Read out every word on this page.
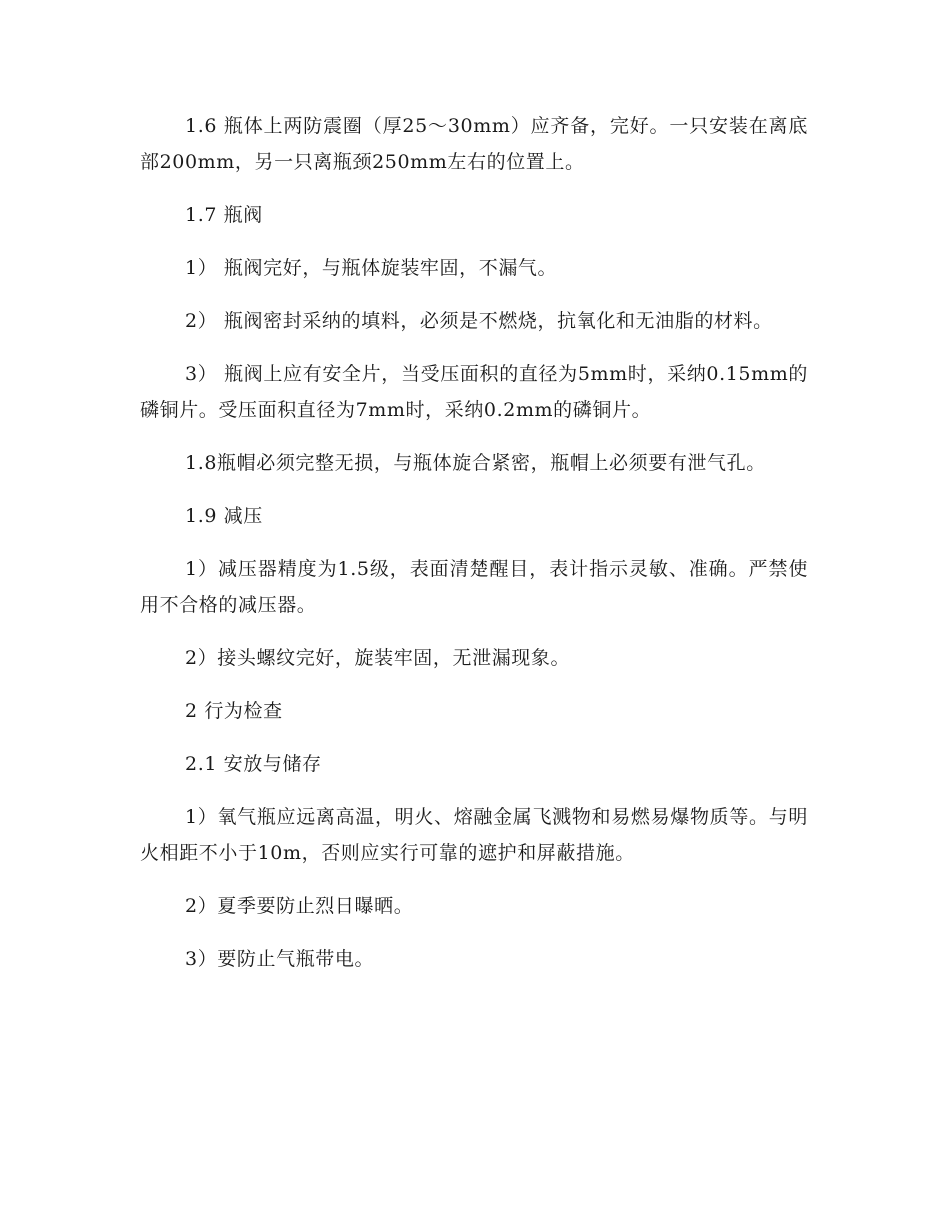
1.6 瓶体上两防震圈（厚25～30mm）应齐备，完好。一只安装在离底部200mm，另一只离瓶颈250mm左右的位置上。

1.7 瓶阀

1） 瓶阀完好，与瓶体旋装牢固，不漏气。

2） 瓶阀密封采纳的填料，必须是不燃烧，抗氧化和无油脂的材料。

3） 瓶阀上应有安全片，当受压面积的直径为5mm时，采纳0.15mm的磷铜片。受压面积直径为7mm时，采纳0.2mm的磷铜片。

1.8瓶帽必须完整无损，与瓶体旋合紧密，瓶帽上必须要有泄气孔。

1.9 减压

1）减压器精度为1.5级，表面清楚醒目，表计指示灵敏、准确。严禁使用不合格的减压器。

2）接头螺纹完好，旋装牢固，无泄漏现象。

2 行为检查

2.1 安放与储存

1）氧气瓶应远离高温，明火、熔融金属飞溅物和易燃易爆物质等。与明火相距不小于10m，否则应实行可靠的遮护和屏蔽措施。

2）夏季要防止烈日曝晒。

3）要防止气瓶带电。
